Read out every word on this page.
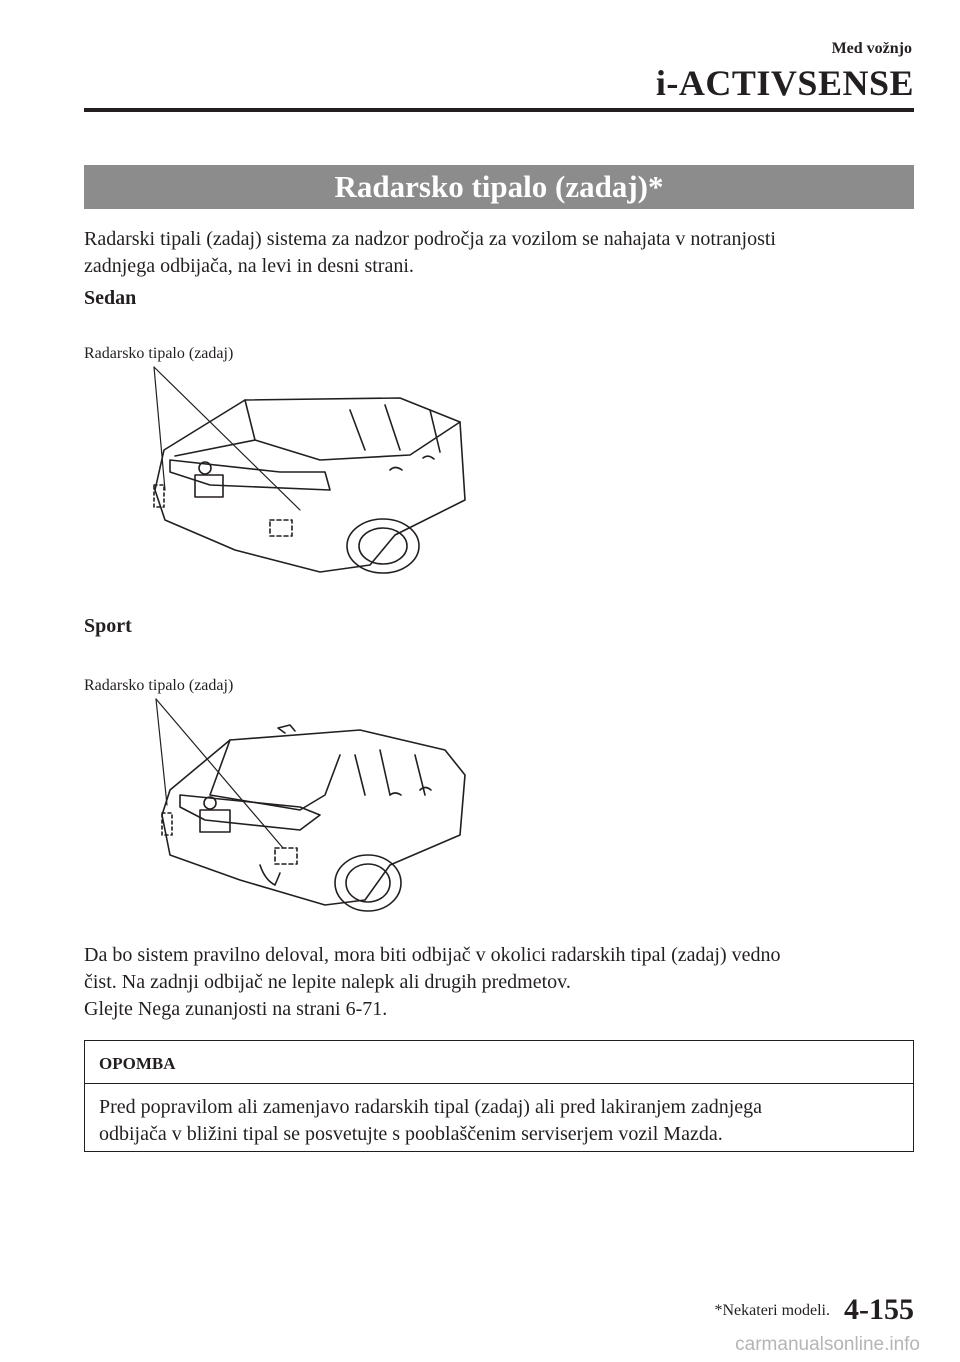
Med vožnjo
i-ACTIVSENSE
Radarsko tipalo (zadaj)*

Radarski tipali (zadaj) sistema za nadzor področja za vozilom se nahajata v notranjosti
zadnjega odbijača, na levi in desni strani.

Sedan
Radarsko tipalo (zadaj)
Sport
Radarsko tipalo (zadaj)

Da bo sistem pravilno deloval, mora biti odbijač v okolici radarskih tipal (zadaj) vedno
čist. Na zadnji odbijač ne lepite nalepk ali drugih predmetov.
Glejte Nega zunanjosti na strani 6-71.

OPOMBA
Pred popravilom ali zamenjavo radarskih tipal (zadaj) ali pred lakiranjem zadnjega
odbijača v bližini tipal se posvetujte s pooblaščenim serviserjem vozil Mazda.
*Nekateri modeli. 4-155
carmanualsonline.info
